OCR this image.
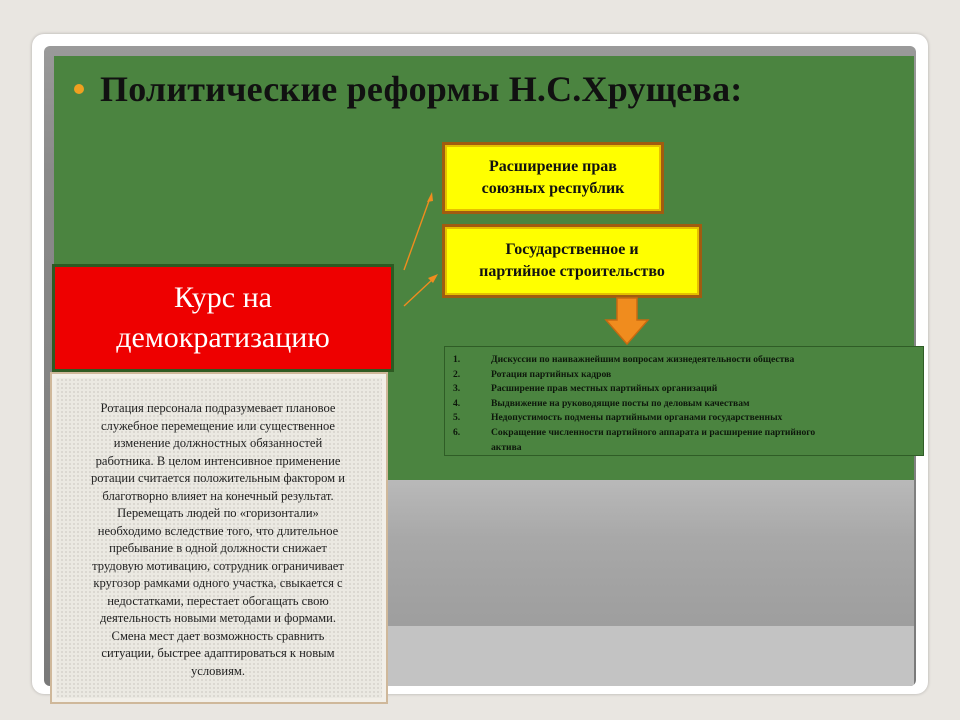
Политические реформы Н.С.Хрущева:
Расширение прав
союзных республик
Государственное и
партийное строительство
Курс на
демократизацию
1.	Дискуссии по наиважнейшим вопросам жизнедеятельности общества
2.	Ротация партийных кадров
3.	Расширение прав местных партийных организаций
4.	Выдвижение на руководящие посты по деловым качествам
5.	Недопустимость подмены партийными органами государственных
6.	Сокращение численности партийного аппарата и расширение партийного
актива
Ротация персонала подразумевает плановое
служебное перемещение или существенное
изменение должностных обязанностей
работника. В целом интенсивное применение
ротации считается положительным фактором и
благотворно влияет на конечный результат.
Перемещать людей по «горизонтали»
необходимо вследствие того, что длительное
пребывание в одной должности снижает
трудовую мотивацию, сотрудник ограничивает
кругозор рамками одного участка, свыкается с
недостатками, перестает обогащать свою
деятельность новыми методами и формами.
Смена мест дает возможность сравнить
ситуации, быстрее адаптироваться к новым
условиям.
